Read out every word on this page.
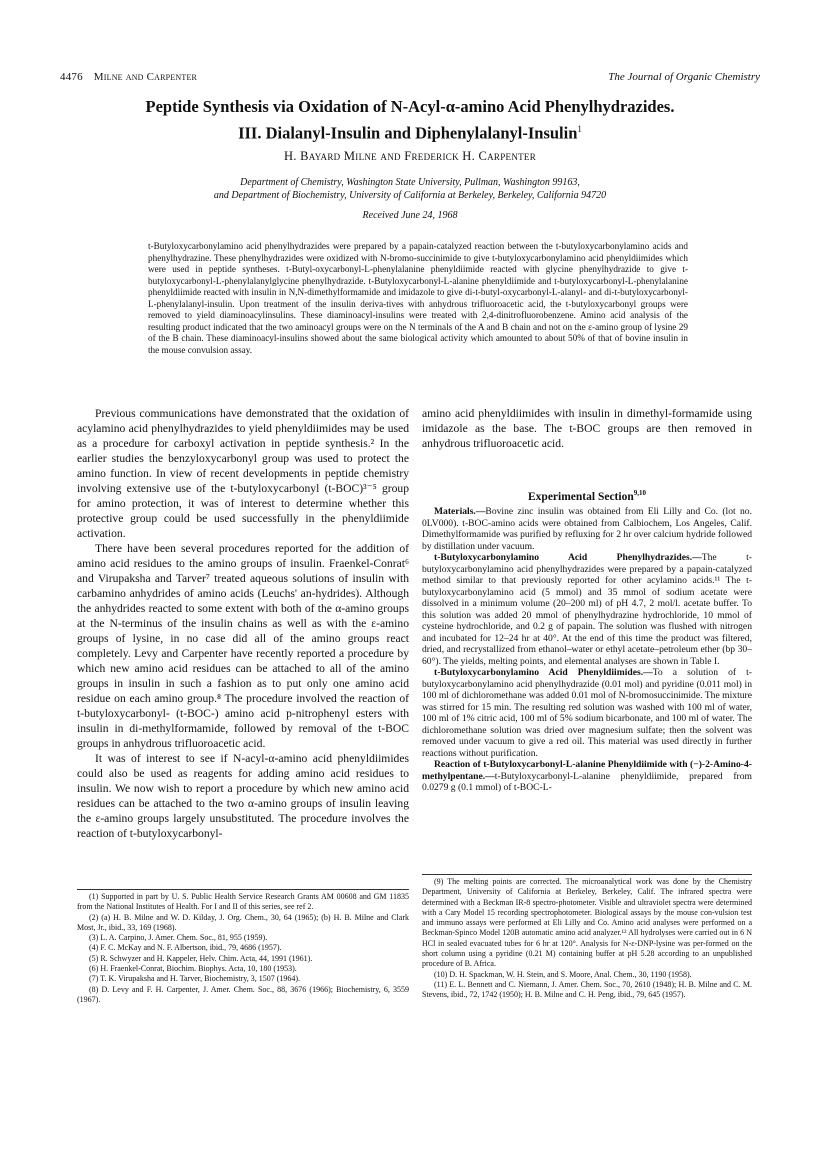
4476 Milne and Carpenter	The Journal of Organic Chemistry
Peptide Synthesis via Oxidation of N-Acyl-α-amino Acid Phenylhydrazides.
III. Dialanyl-Insulin and Diphenylalanyl-Insulin$^1$
H. Bayard Milne and Frederick H. Carpenter
Department of Chemistry, Washington State University, Pullman, Washington 99163,
and Department of Biochemistry, University of California at Berkeley, Berkeley, California 94720
Received June 24, 1968
t-Butyloxycarbonylamino acid phenylhydrazides were prepared by a papain-catalyzed reaction between the t-butyloxycarbonylamino acids and phenylhydrazine. These phenylhydrazides were oxidized with N-bromo-succinimide to give t-butyloxycarbonylamino acid phenyldiimides which were used in peptide syntheses. t-Butyl-oxycarbonyl-L-phenylalanine phenyldiimide reacted with glycine phenylhydrazide to give t-butyloxycarbonyl-L-phenylalanylglycine phenylhydrazide. t-Butyloxycarbonyl-L-alanine phenyldiimide and t-butyloxycarbonyl-L-phenylalanine phenyldiimide reacted with insulin in N,N-dimethylformamide and imidazole to give di-t-butyl-oxycarbonyl-L-alanyl- and di-t-butyloxycarbonyl-L-phenylalanyl-insulin. Upon treatment of the insulin deriva-tives with anhydrous trifluoroacetic acid, the t-butyloxycarbonyl groups were removed to yield diaminoacylinsulins. These diaminoacyl-insulins were treated with 2,4-dinitrofluorobenzene. Amino acid analysis of the resulting product indicated that the two aminoacyl groups were on the N terminals of the A and B chain and not on the ε-amino group of lysine 29 of the B chain. These diaminoacyl-insulins showed about the same biological activity which amounted to about 50% of that of bovine insulin in the mouse convulsion assay.

Previous communications have demonstrated that the oxidation of acylamino acid phenylhydrazides to yield phenyldiimides may be used as a procedure for carboxyl activation in peptide synthesis.² In the earlier studies the benzyloxycarbonyl group was used to protect the amino function. In view of recent developments in peptide chemistry involving extensive use of the t-butyloxycarbonyl (t-BOC)³⁻⁵ group for amino protection, it was of interest to determine whether this protective group could be used successfully in the phenyldiimide activation.

There have been several procedures reported for the addition of amino acid residues to the amino groups of insulin. Fraenkel-Conrat⁶ and Virupaksha and Tarver⁷ treated aqueous solutions of insulin with carbamino anhydrides of amino acids (Leuchs' an-hydrides). Although the anhydrides reacted to some extent with both of the α-amino groups at the N-terminus of the insulin chains as well as with the ε-amino groups of lysine, in no case did all of the amino groups react completely. Levy and Carpenter have recently reported a procedure by which new amino acid residues can be attached to all of the amino groups in insulin in such a fashion as to put only one amino acid residue on each amino group.⁸ The procedure involved the reaction of t-butyloxycarbonyl- (t-BOC-) amino acid p-nitrophenyl esters with insulin in di-methylformamide, followed by removal of the t-BOC groups in anhydrous trifluoroacetic acid.

It was of interest to see if N-acyl-α-amino acid phenyldiimides could also be used as reagents for adding amino acid residues to insulin. We now wish to report a procedure by which new amino acid residues can be attached to the two α-amino groups of insulin leaving the ε-amino groups largely unsubstituted. The procedure involves the reaction of t-butyloxycarbonyl-

amino acid phenyldiimides with insulin in dimethyl-formamide using imidazole as the base. The t-BOC groups are then removed in anhydrous trifluoroacetic acid.

Experimental Section$^{9,10}$

Materials.—Bovine zinc insulin was obtained from Eli Lilly and Co. (lot no. 0LV000). t-BOC-amino acids were obtained from Calbiochem, Los Angeles, Calif. Dimethylformamide was purified by refluxing for 2 hr over calcium hydride followed by distillation under vacuum.

t-Butyloxycarbonylamino Acid Phenylhydrazides.—The t-butyloxycarbonylamino acid phenylhydrazides were prepared by a papain-catalyzed method similar to that previously reported for other acylamino acids.¹¹ The t-butyloxycarbonylamino acid (5 mmol) and 35 mmol of sodium acetate were dissolved in a minimum volume (20–200 ml) of pH 4.7, 2 mol/l. acetate buffer. To this solution was added 20 mmol of phenylhydrazine hydrochloride, 10 mmol of cysteine hydrochloride, and 0.2 g of papain. The solution was flushed with nitrogen and incubated for 12–24 hr at 40°. At the end of this time the product was filtered, dried, and recrystallized from ethanol–water or ethyl acetate–petroleum ether (bp 30–60°). The yields, melting points, and elemental analyses are shown in Table I.

t-Butyloxycarbonylamino Acid Phenyldiimides.—To a solution of t-butyloxycarbonylamino acid phenylhydrazide (0.01 mol) and pyridine (0.011 mol) in 100 ml of dichloromethane was added 0.01 mol of N-bromosuccinimide. The mixture was stirred for 15 min. The resulting red solution was washed with 100 ml of water, 100 ml of 1% citric acid, 100 ml of 5% sodium bicarbonate, and 100 ml of water. The dichloromethane solution was dried over magnesium sulfate; then the solvent was removed under vacuum to give a red oil. This material was used directly in further reactions without purification.

Reaction of t-Butyloxycarbonyl-L-alanine Phenyldiimide with (−)-2-Amino-4-methylpentane.—t-Butyloxycarbonyl-L-alanine phenyldiimide, prepared from 0.0279 g (0.1 mmol) of t-BOC-L-

(1) Supported in part by U. S. Public Health Service Research Grants AM 00608 and GM 11835 from the National Institutes of Health. For I and II of this series, see ref 2.

(2) (a) H. B. Milne and W. D. Kilday, J. Org. Chem., 30, 64 (1965); (b) H. B. Milne and Clark Most, Jr., ibid., 33, 169 (1968).

(3) L. A. Carpino, J. Amer. Chem. Soc., 81, 955 (1959).

(4) F. C. McKay and N. F. Albertson, ibid., 79, 4686 (1957).

(5) R. Schwyzer and H. Kappeler, Helv. Chim. Acta, 44, 1991 (1961).

(6) H. Fraenkel-Conrat, Biochim. Biophys. Acta, 10, 180 (1953).

(7) T. K. Virupaksha and H. Tarver, Biochemistry, 3, 1507 (1964).

(8) D. Levy and F. H. Carpenter, J. Amer. Chem. Soc., 88, 3676 (1966); Biochemistry, 6, 3559 (1967).

(9) The melting points are corrected. The microanalytical work was done by the Chemistry Department, University of California at Berkeley, Berkeley, Calif. The infrared spectra were determined with a Beckman IR-8 spectro-photometer. Visible and ultraviolet spectra were determined with a Cary Model 15 recording spectrophotometer. Biological assays by the mouse con-vulsion test and immuno assays were performed at Eli Lilly and Co. Amino acid analyses were performed on a Beckman-Spinco Model 120B automatic amino acid analyzer.¹² All hydrolyses were carried out in 6 N HCl in sealed evacuated tubes for 6 hr at 120°. Analysis for N-ε-DNP-lysine was per-formed on the short column using a pyridine (0.21 M) containing buffer at pH 5.28 according to an unpublished procedure of B. Africa.

(10) D. H. Spackman, W. H. Stein, and S. Moore, Anal. Chem., 30, 1190 (1958).

(11) E. L. Bennett and C. Niemann, J. Amer. Chem. Soc., 70, 2610 (1948); H. B. Milne and C. M. Stevens, ibid., 72, 1742 (1950); H. B. Milne and C. H. Peng, ibid., 79, 645 (1957).
